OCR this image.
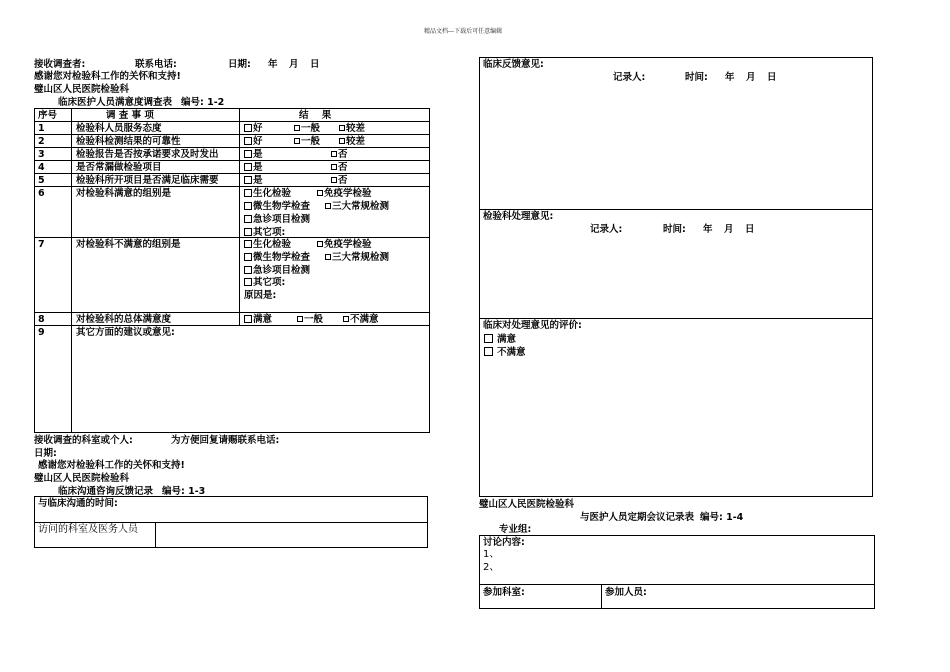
精品文档---下载后可任意编辑
接收调查者:	联系电话:	日期: 年 月 日
感谢您对检验科工作的关怀和支持!
璧山区人民医院检验科
临床医护人员满意度调查表 编号: 1-2
序号	调 查 事 项	结    果
1	检验科人员服务态度	好	一般	较差
2	检验科检测结果的可靠性	好	一般	较差
3	检验报告是否按承诺要求及时发出	是	否
4	是否常漏做检验项目	是	否
5	检验科所开项目是否满足临床需要	是	否
6	对检验科满意的组别是	生化检验	免疫学检验
微生物学检查	三大常规检测
急诊项目检测
其它项:
7	对检验科不满意的组别是	生化检验	免疫学检验
微生物学检查	三大常规检测
急诊项目检测
其它项:
原因是:
8	对检验科的总体满意度	满意	一般	不满意
9	其它方面的建议或意见:
接收调查的科室或个人:	为方便回复请赐联系电话:
日期:
感谢您对检验科工作的关怀和支持!
璧山区人民医院检验科
临床沟通咨询反馈记录 编号: 1-3
与临床沟通的时间:
访问的科室及医务人员
临床反馈意见:
记录人:	时间: 年 月 日
检验科处理意见:
记录人:	时间: 年 月 日
临床对处理意见的评价:
满意
不满意
璧山区人民医院检验科
与医护人员定期会议记录表 编号: 1-4
专业组:
讨论内容:
1、
2、
参加科室:	参加人员:
